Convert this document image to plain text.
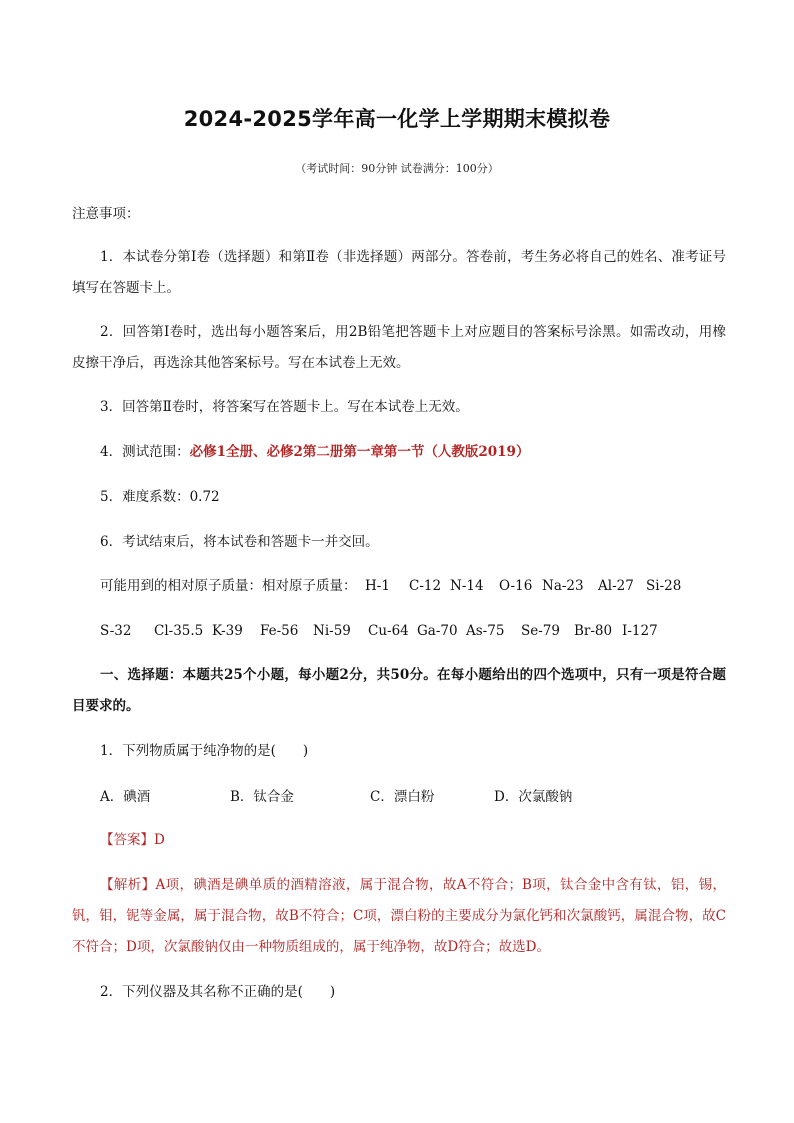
2024-2025学年高一化学上学期期末模拟卷
（考试时间：90分钟 试卷满分：100分）
注意事项：
1．本试卷分第Ⅰ卷（选择题）和第Ⅱ卷（非选择题）两部分。答卷前，考生务必将自己的姓名、准考证号填写在答题卡上。
2．回答第Ⅰ卷时，选出每小题答案后，用2B铅笔把答题卡上对应题目的答案标号涂黑。如需改动，用橡皮擦干净后，再选涂其他答案标号。写在本试卷上无效。
3．回答第Ⅱ卷时，将答案写在答题卡上。写在本试卷上无效。
4．测试范围：必修1全册、必修2第二册第一章第一节（人教版2019）
5．难度系数：0.72
6．考试结束后，将本试卷和答题卡一并交回。
可能用到的相对原子质量：相对原子质量： H-1 C-12 N-14 O-16 Na-23 Al-27 Si-28
S-32 Cl-35.5 K-39 Fe-56 Ni-59 Cu-64 Ga-70 As-75 Se-79 Br-80 I-127
一、选择题：本题共25个小题，每小题2分，共50分。在每小题给出的四个选项中，只有一项是符合题目要求的。
1．下列物质属于纯净物的是(　　)
A．碘酒	B．钛合金	C．漂白粉	D．次氯酸钠
【答案】D
【解析】A项，碘酒是碘单质的酒精溶液，属于混合物，故A不符合；B项，钛合金中含有钛，铝，锡，钒，钼，铌等金属，属于混合物，故B不符合；C项，漂白粉的主要成分为氯化钙和次氯酸钙，属混合物，故C不符合；D项，次氯酸钠仅由一种物质组成的，属于纯净物，故D符合；故选D。
2．下列仪器及其名称不正确的是(　　)
